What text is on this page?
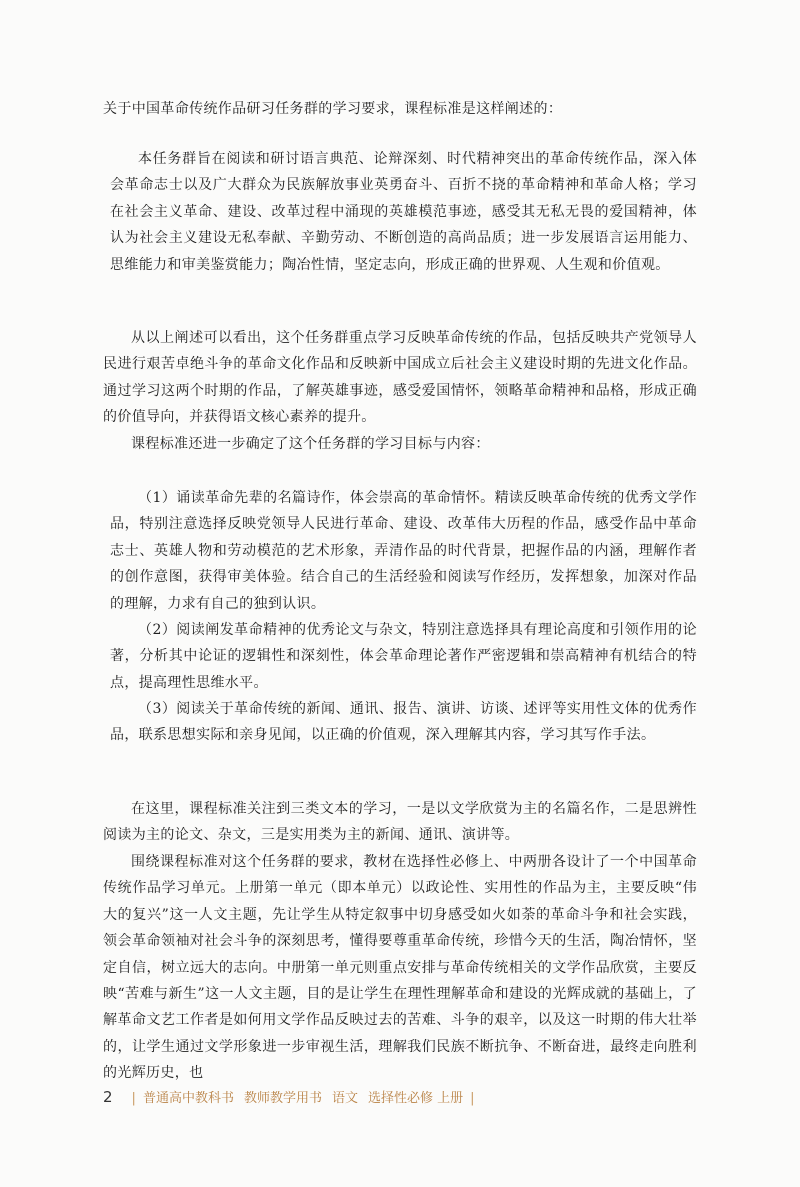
关于中国革命传统作品研习任务群的学习要求，课程标准是这样阐述的：

本任务群旨在阅读和研讨语言典范、论辩深刻、时代精神突出的革命传统作品，深入体会革命志士以及广大群众为民族解放事业英勇奋斗、百折不挠的革命精神和革命人格；学习在社会主义革命、建设、改革过程中涌现的英雄模范事迹，感受其无私无畏的爱国精神，体认为社会主义建设无私奉献、辛勤劳动、不断创造的高尚品质；进一步发展语言运用能力、思维能力和审美鉴赏能力；陶冶性情，坚定志向，形成正确的世界观、人生观和价值观。

从以上阐述可以看出，这个任务群重点学习反映革命传统的作品，包括反映共产党领导人民进行艰苦卓绝斗争的革命文化作品和反映新中国成立后社会主义建设时期的先进文化作品。通过学习这两个时期的作品，了解英雄事迹，感受爱国情怀，领略革命精神和品格，形成正确的价值导向，并获得语文核心素养的提升。

课程标准还进一步确定了这个任务群的学习目标与内容：

（1）诵读革命先辈的名篇诗作，体会崇高的革命情怀。精读反映革命传统的优秀文学作品，特别注意选择反映党领导人民进行革命、建设、改革伟大历程的作品，感受作品中革命志士、英雄人物和劳动模范的艺术形象，弄清作品的时代背景，把握作品的内涵，理解作者的创作意图，获得审美体验。结合自己的生活经验和阅读写作经历，发挥想象，加深对作品的理解，力求有自己的独到认识。

（2）阅读阐发革命精神的优秀论文与杂文，特别注意选择具有理论高度和引领作用的论著，分析其中论证的逻辑性和深刻性，体会革命理论著作严密逻辑和崇高精神有机结合的特点，提高理性思维水平。

（3）阅读关于革命传统的新闻、通讯、报告、演讲、访谈、述评等实用性文体的优秀作品，联系思想实际和亲身见闻，以正确的价值观，深入理解其内容，学习其写作手法。

在这里，课程标准关注到三类文本的学习，一是以文学欣赏为主的名篇名作，二是思辨性阅读为主的论文、杂文，三是实用类为主的新闻、通讯、演讲等。

围绕课程标准对这个任务群的要求，教材在选择性必修上、中两册各设计了一个中国革命传统作品学习单元。上册第一单元（即本单元）以政论性、实用性的作品为主，主要反映“伟大的复兴”这一人文主题，先让学生从特定叙事中切身感受如火如荼的革命斗争和社会实践，领会革命领袖对社会斗争的深刻思考，懂得要尊重革命传统，珍惜今天的生活，陶冶情怀，坚定自信，树立远大的志向。中册第一单元则重点安排与革命传统相关的文学作品欣赏，主要反映“苦难与新生”这一人文主题，目的是让学生在理性理解革命和建设的光辉成就的基础上，了解革命文艺工作者是如何用文学作品反映过去的苦难、斗争的艰辛，以及这一时期的伟大壮举的，让学生通过文学形象进一步审视生活，理解我们民族不断抗争、不断奋进，最终走向胜利的光辉历史，也

2 | 普通高中教科书 教师教学用书 语文 选择性必修 上册 |
